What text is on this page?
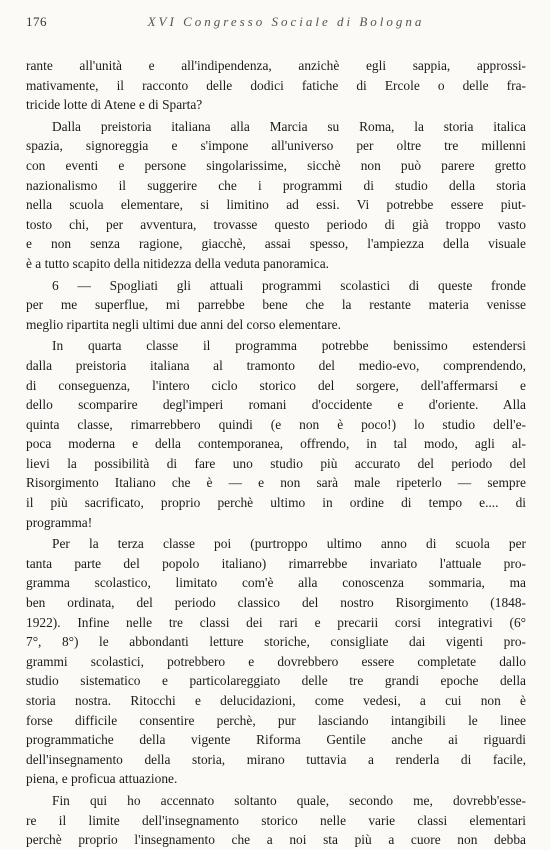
176	XVI Congresso Sociale di Bologna

rante all'unità e all'indipendenza, anzichè egli sappia, approssi-
mativamente, il racconto delle dodici fatiche di Ercole o delle fra-
tricide lotte di Atene e di Sparta?

Dalla preistoria italiana alla Marcia su Roma, la storia italica
spazia, signoreggia e s'impone all'universo per oltre tre millenni
con eventi e persone singolarissime, sicchè non può parere gretto
nazionalismo il suggerire che i programmi di studio della storia
nella scuola elementare, si limitino ad essi. Vi potrebbe essere piut-
tosto chi, per avventura, trovasse questo periodo di già troppo vasto
e non senza ragione, giacchè, assai spesso, l'ampiezza della visuale
è a tutto scapito della nitidezza della veduta panoramica.

6 — Spogliati gli attuali programmi scolastici di queste fronde
per me superflue, mi parrebbe bene che la restante materia venisse
meglio ripartita negli ultimi due anni del corso elementare.

In quarta classe il programma potrebbe benissimo estendersi
dalla preistoria italiana al tramonto del medio-evo, comprendendo,
di conseguenza, l'intero ciclo storico del sorgere, dell'affermarsi e
dello scomparire degl'imperi romani d'occidente e d'oriente. Alla
quinta classe, rimarrebbero quindi (e non è poco!) lo studio dell'e-
poca moderna e della contemporanea, offrendo, in tal modo, agli al-
lievi la possibilità di fare uno studio più accurato del periodo del
Risorgimento Italiano che è — e non sarà male ripeterlo — sempre
il più sacrificato, proprio perchè ultimo in ordine di tempo e.... di
programma!

Per la terza classe poi (purtroppo ultimo anno di scuola per
tanta parte del popolo italiano) rimarrebbe invariato l'attuale pro-
gramma scolastico, limitato com'è alla conoscenza sommaria, ma
ben ordinata, del periodo classico del nostro Risorgimento (1848-
1922). Infine nelle tre classi dei rari e precarii corsi integrativi (6°
7°, 8°) le abbondanti letture storiche, consigliate dai vigenti pro-
grammi scolastici, potrebbero e dovrebbero essere completate dallo
studio sistematico e particolareggiato delle tre grandi epoche della
storia nostra. Ritocchi e delucidazioni, come vedesi, a cui non è
forse difficile consentire perchè, pur lasciando intangibili le linee
programmatiche della vigente Riforma Gentile anche ai riguardi
dell'insegnamento della storia, mirano tuttavia a renderla di facile,
piena, e proficua attuazione.

Fin qui ho accennato soltanto quale, secondo me, dovrebb'esse-
re il limite dell'insegnamento storico nelle varie classi elementari
perchè proprio l'insegnamento che a noi sta più a cuore non debba
